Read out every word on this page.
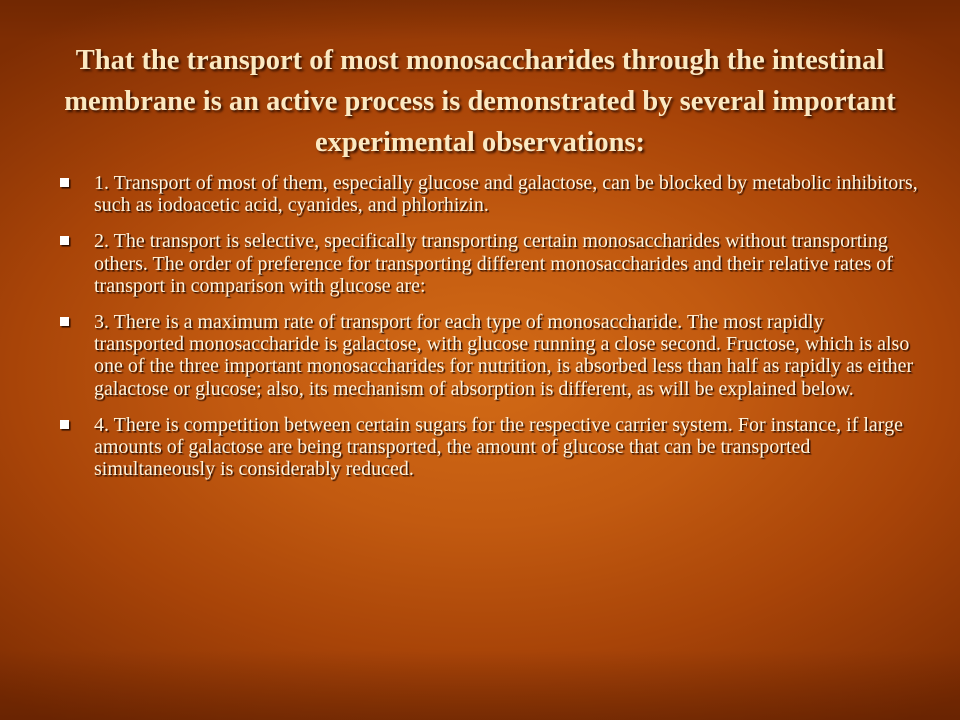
That the transport of most monosaccharides through the intestinal membrane is an active process is demonstrated by several important experimental observations:
1. Transport of most of them, especially glucose and galactose, can be blocked by metabolic inhibitors, such as iodoacetic acid, cyanides, and phlorhizin.
2. The transport is selective, specifically transporting certain monosaccharides without transporting others. The order of preference for transporting different monosaccharides and their relative rates of transport in comparison with glucose are:
3. There is a maximum rate of transport for each type of monosaccharide. The most rapidly transported monosaccharide is galactose, with glucose running a close second. Fructose, which is also one of the three important monosaccharides for nutrition, is absorbed less than half as rapidly as either galactose or glucose; also, its mechanism of absorption is different, as will be explained below.
4. There is competition between certain sugars for the respective carrier system. For instance, if large amounts of galactose are being transported, the amount of glucose that can be transported simultaneously is considerably reduced.
